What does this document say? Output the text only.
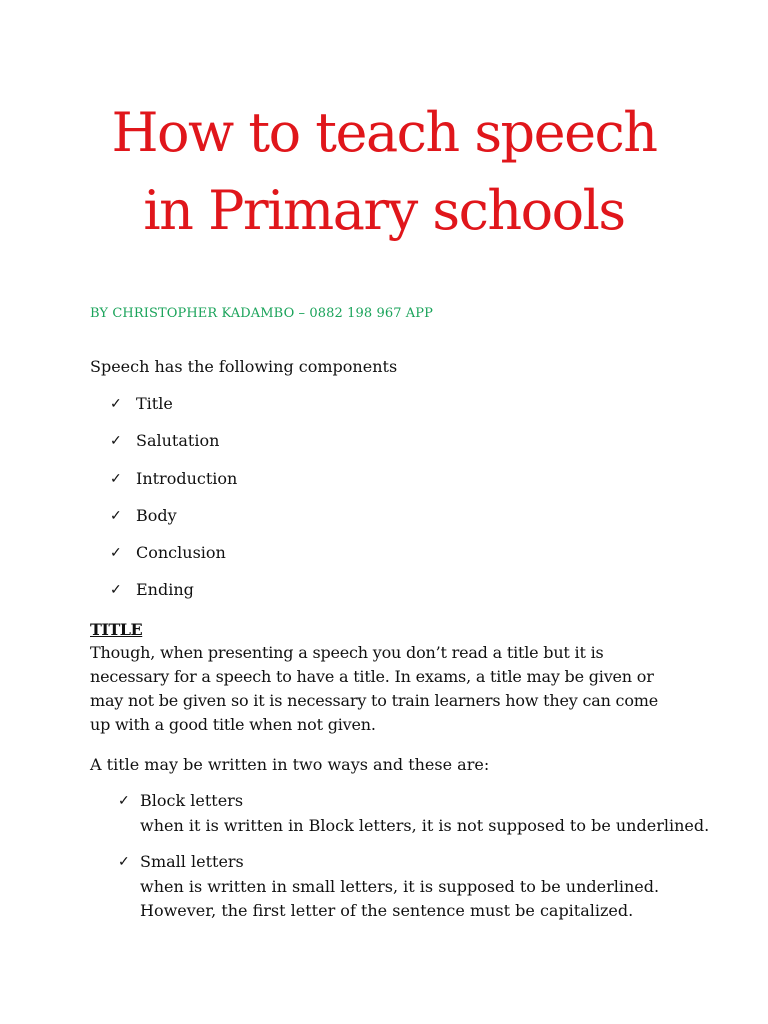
How to teach speech
in Primary schools
BY CHRISTOPHER KADAMBO – 0882 198 967 APP
Speech has the following components
✓ Title
✓ Salutation
✓ Introduction
✓ Body
✓ Conclusion
✓ Ending
TITLE
Though, when presenting a speech you don’t read a title but it is
necessary for a speech to have a title. In exams, a title may be given or
may not be given so it is necessary to train learners how they can come
up with a good title when not given.
A title may be written in two ways and these are:
✓ Block letters
when it is written in Block letters, it is not supposed to be underlined.
✓ Small letters
when is written in small letters, it is supposed to be underlined.
However, the first letter of the sentence must be capitalized.
